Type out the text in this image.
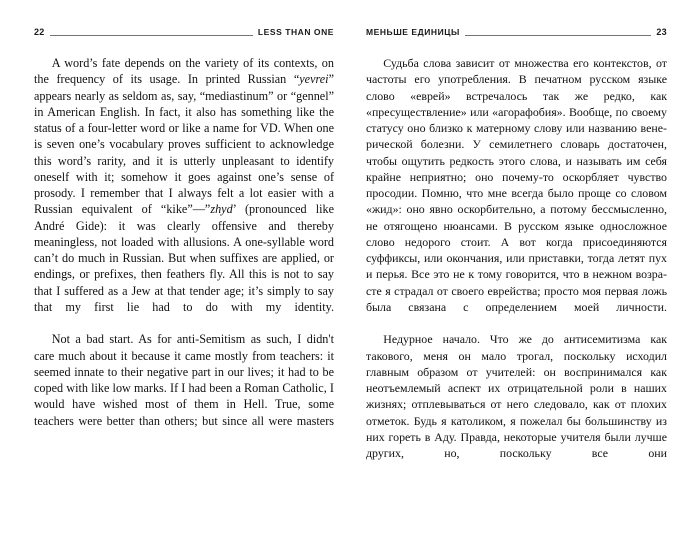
22	LESS THAN ONE

A word’s fate depends on the variety of its contexts, on the frequency of its usage. In printed Russian “yevrei” appears nearly as seldom as, say, “mediastinum” or “gennel” in American English. In fact, it also has something like the status of a four-letter word or like a name for VD. When one is seven one’s vocabulary proves sufficient to acknowledge this word’s rarity, and it is utterly unpleasant to identify oneself with it; somehow it goes against one’s sense of prosody. I remember that I always felt a lot easier with a Russian equivalent of “kike”—”zhyd’ (pronounced like André Gide): it was clearly offensive and thereby meaningless, not loaded with allusions. A one-syllable word can’t do much in Russian. But when suffixes are applied, or endings, or prefixes, then feathers fly. All this is not to say that I suffered as a Jew at that tender age; it’s simply to say that my first lie had to do with my identity.

Not a bad start. As for anti-Semitism as such, I didn't care much about it because it came mostly from teachers: it seemed innate to their negative part in our lives; it had to be coped with like low marks. If I had been a Roman Catholic, I would have wished most of them in Hell. True, some teachers were better than others; but since all were masters

МЕНЬШЕ ЕДИНИЦЫ	23

Судьба слова зависит от множества его контекстов, от частоты его употребления. В печатном русском языке слово «еврей» встречалось так же редко, как «пресуществление» или «агорафобия». Вообще, по своему статусу оно близко к матерному слову или названию венерической болезни. У семилетнего словарь достаточен, чтобы ощутить редкость этого слова, и называть им себя крайне неприятно; оно почему-то оскорбляет чувство просодии. Помню, что мне всегда было проще со словом «жид»: оно явно оскорбительно, а потому бессмысленно, не отягощено нюансами. В русском языке односложное слово недорого стоит. А вот когда присоединяются суффиксы, или окончания, или приставки, тогда летят пух и перья. Все это не к тому говорится, что в нежном возрасте я страдал от своего еврейства; просто моя первая ложь была связана с определением моей личности.

Недурное начало. Что же до антисемитизма как такового, меня он мало трогал, поскольку исходил главным образом от учителей: он воспринимался как неотъемлемый аспект их отрицательной роли в наших жизнях; отплевываться от него следовало, как от плохих отметок. Будь я католиком, я пожелал бы большинству из них гореть в Аду. Правда, некоторые учителя были лучше других, но, поскольку все они
